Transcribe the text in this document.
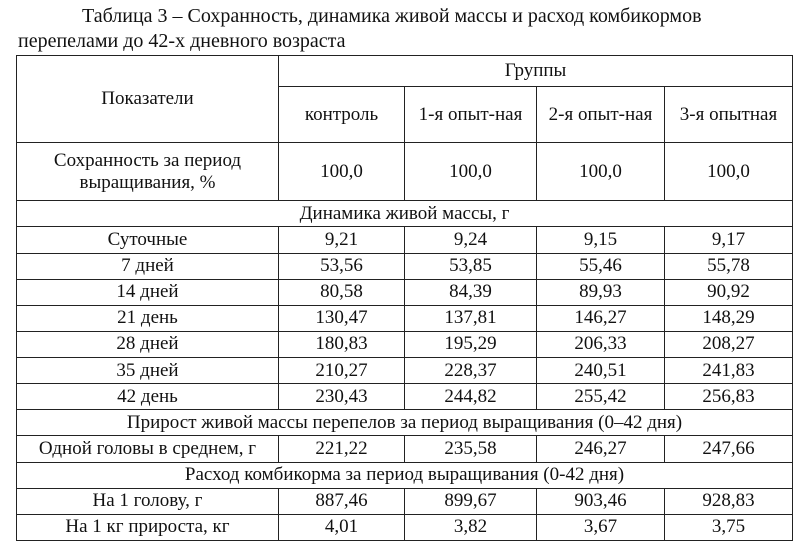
Таблица 3 – Сохранность, динамика живой массы и расход комбикормов
перепелами до 42-х дневного возраста
Показатели	Группы			
	контроль	1-я опыт-ная	2-я опыт-ная	3-я опытная
Сохранность за период выращивания, %	100,0	100,0	100,0	100,0
Динамика живой массы, г				
Суточные	9,21	9,24	9,15	9,17
7 дней	53,56	53,85	55,46	55,78
14 дней	80,58	84,39	89,93	90,92
21 день	130,47	137,81	146,27	148,29
28 дней	180,83	195,29	206,33	208,27
35 дней	210,27	228,37	240,51	241,83
42 день	230,43	244,82	255,42	256,83
Прирост живой массы перепелов за период выращивания (0–42 дня)				
Одной головы в среднем, г	221,22	235,58	246,27	247,66
Расход комбикорма за период выращивания (0-42 дня)				
На 1 голову, г	887,46	899,67	903,46	928,83
На 1 кг прироста, кг	4,01	3,82	3,67	3,75
